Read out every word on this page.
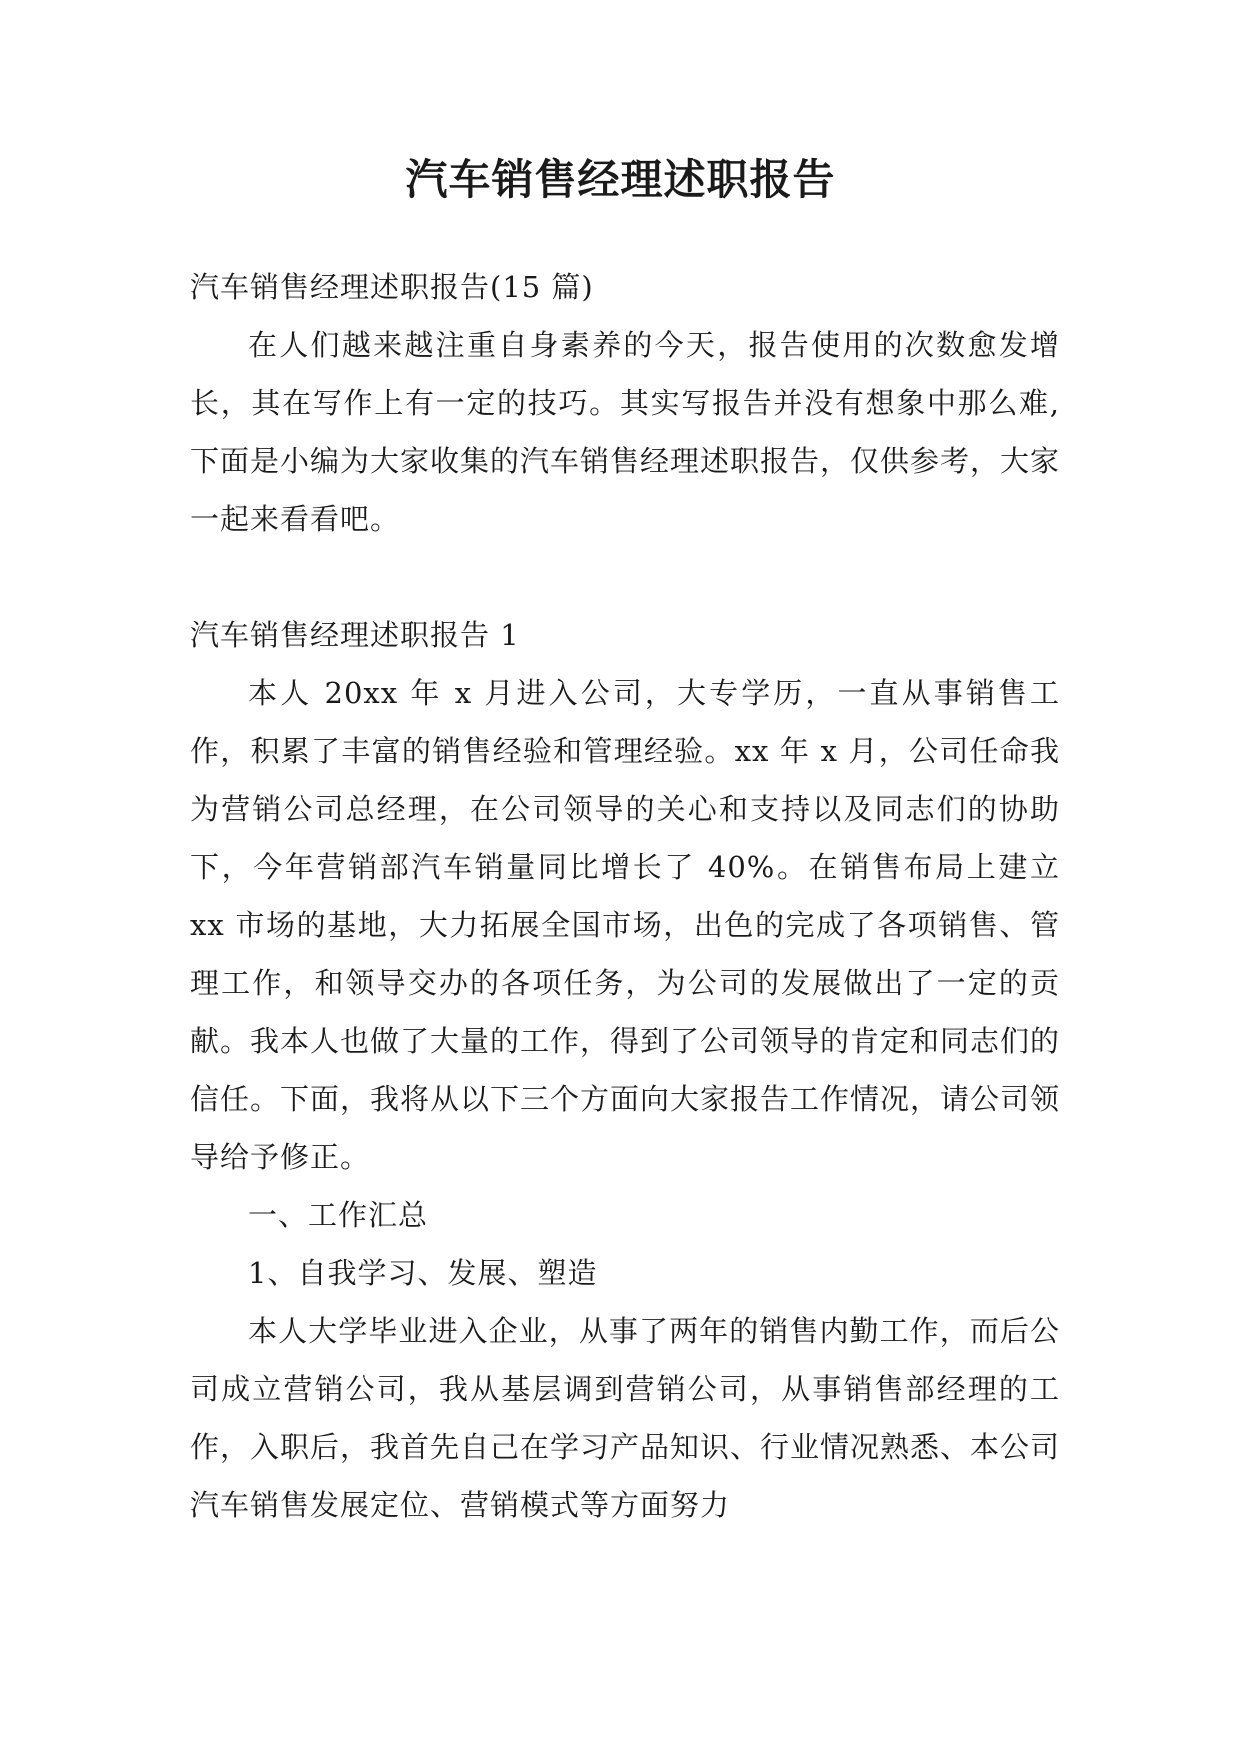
汽车销售经理述职报告

汽车销售经理述职报告(15 篇)

在人们越来越注重自身素养的今天，报告使用的次数愈发增长，其在写作上有一定的技巧。其实写报告并没有想象中那么难,下面是小编为大家收集的汽车销售经理述职报告，仅供参考，大家一起来看看吧。

汽车销售经理述职报告 1

本人 20xx 年 x 月进入公司，大专学历，一直从事销售工作，积累了丰富的销售经验和管理经验。xx 年 x 月，公司任命我为营销公司总经理，在公司领导的关心和支持以及同志们的协助下，今年营销部汽车销量同比增长了 40%。在销售布局上建立 xx 市场的基地，大力拓展全国市场，出色的完成了各项销售、管理工作，和领导交办的各项任务，为公司的发展做出了一定的贡献。我本人也做了大量的工作，得到了公司领导的肯定和同志们的信任。下面，我将从以下三个方面向大家报告工作情况，请公司领导给予修正。

一、工作汇总

1、自我学习、发展、塑造

本人大学毕业进入企业，从事了两年的销售内勤工作，而后公司成立营销公司，我从基层调到营销公司，从事销售部经理的工作，入职后，我首先自己在学习产品知识、行业情况熟悉、本公司汽车销售发展定位、营销模式等方面努力
